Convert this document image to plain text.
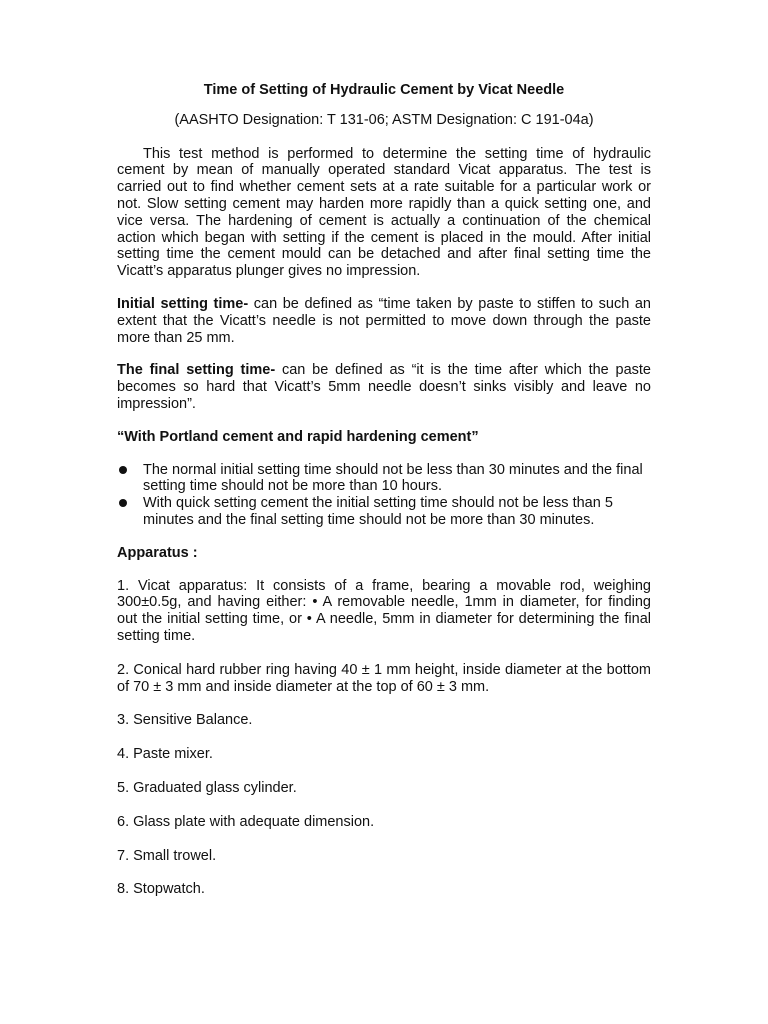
Time of Setting of Hydraulic Cement by Vicat Needle
(AASHTO Designation: T 131-06; ASTM Designation: C 191-04a)
This test method is performed to determine the setting time of hydraulic cement by mean of manually operated standard Vicat apparatus. The test is carried out to find whether cement sets at a rate suitable for a particular work or not. Slow setting cement may harden more rapidly than a quick setting one, and vice versa. The hardening of cement is actually a continuation of the chemical action which began with setting if the cement is placed in the mould. After initial setting time the cement mould can be detached and after final setting time the Vicatt’s apparatus plunger gives no impression.
Initial setting time- can be defined as “time taken by paste to stiffen to such an extent that the Vicatt’s needle is not permitted to move down through the paste more than 25 mm.
The final setting time- can be defined as “it is the time after which the paste becomes so hard that Vicatt’s 5mm needle doesn’t sinks visibly and leave no impression”.
“With Portland cement and rapid hardening cement”
The normal initial setting time should not be less than 30 minutes and the final setting time should not be more than 10 hours.
With quick setting cement the initial setting time should not be less than 5 minutes and the final setting time should not be more than 30 minutes.
Apparatus :
1. Vicat apparatus: It consists of a frame, bearing a movable rod, weighing 300±0.5g, and having either: • A removable needle, 1mm in diameter, for finding out the initial setting time, or • A needle, 5mm in diameter for determining the final setting time.
2. Conical hard rubber ring having 40 ± 1 mm height, inside diameter at the bottom of 70 ± 3 mm and inside diameter at the top of 60 ± 3 mm.
3. Sensitive Balance.
4. Paste mixer.
5. Graduated glass cylinder.
6. Glass plate with adequate dimension.
7. Small trowel.
8. Stopwatch.
